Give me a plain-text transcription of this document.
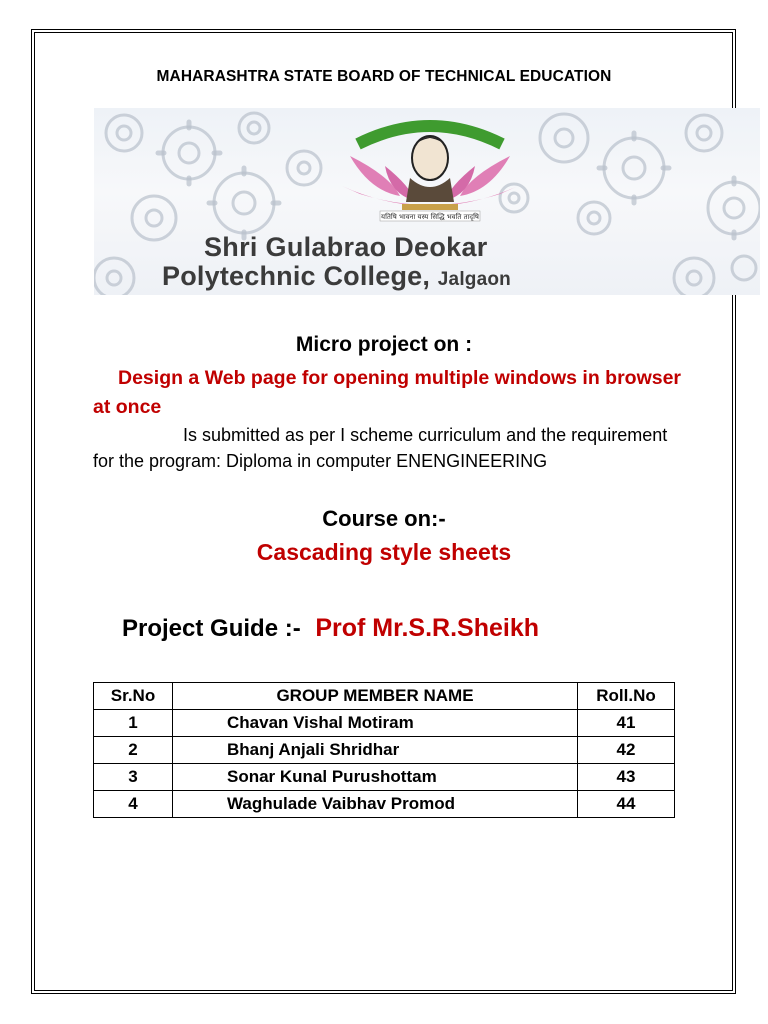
MAHARASHTRA STATE BOARD OF TECHNICAL EDUCATION
यतिषि भावना यस्य सिद्धि भवति तादृषि
Shri Gulabrao Deokar
Polytechnic College, Jalgaon
Micro project on :
Design a Web page for opening multiple windows in browser at once
Is submitted as per I scheme curriculum and the requirement for the program: Diploma in computer ENENGINEERING
Course on:-
Cascading style sheets
Project Guide :- Prof Mr.S.R.Sheikh
Sr.No	GROUP MEMBER NAME	Roll.No
1	Chavan Vishal Motiram	41
2	Bhanj Anjali Shridhar	42
3	Sonar Kunal Purushottam	43
4	Waghulade Vaibhav Promod	44
